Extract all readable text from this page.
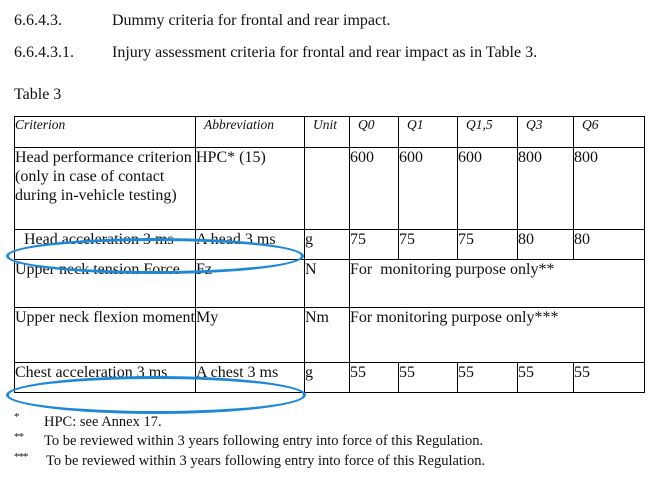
6.6.4.3.	Dummy criteria for frontal and rear impact.
6.6.4.3.1. Injury assessment criteria for frontal and rear impact as in Table 3.
Table 3
Criterion	Abbreviation	Unit	Q0	Q1	Q1,5	Q3	Q6
Head performance criterion (only in case of contact during in-vehicle testing)	HPC* (15)		600	600	600	800	800
Head acceleration 3 ms	A head 3 ms	g	75	75	75	80	80
Upper neck tension Force	Fz	N	For  monitoring purpose only**				
Upper neck flexion moment	My	Nm	For monitoring purpose only***				
Chest acceleration 3 ms	A chest 3 ms	g	55	55	55	55	55
* HPC: see Annex 17.
** To be reviewed within 3 years following entry into force of this Regulation.
*** To be reviewed within 3 years following entry into force of this Regulation.
